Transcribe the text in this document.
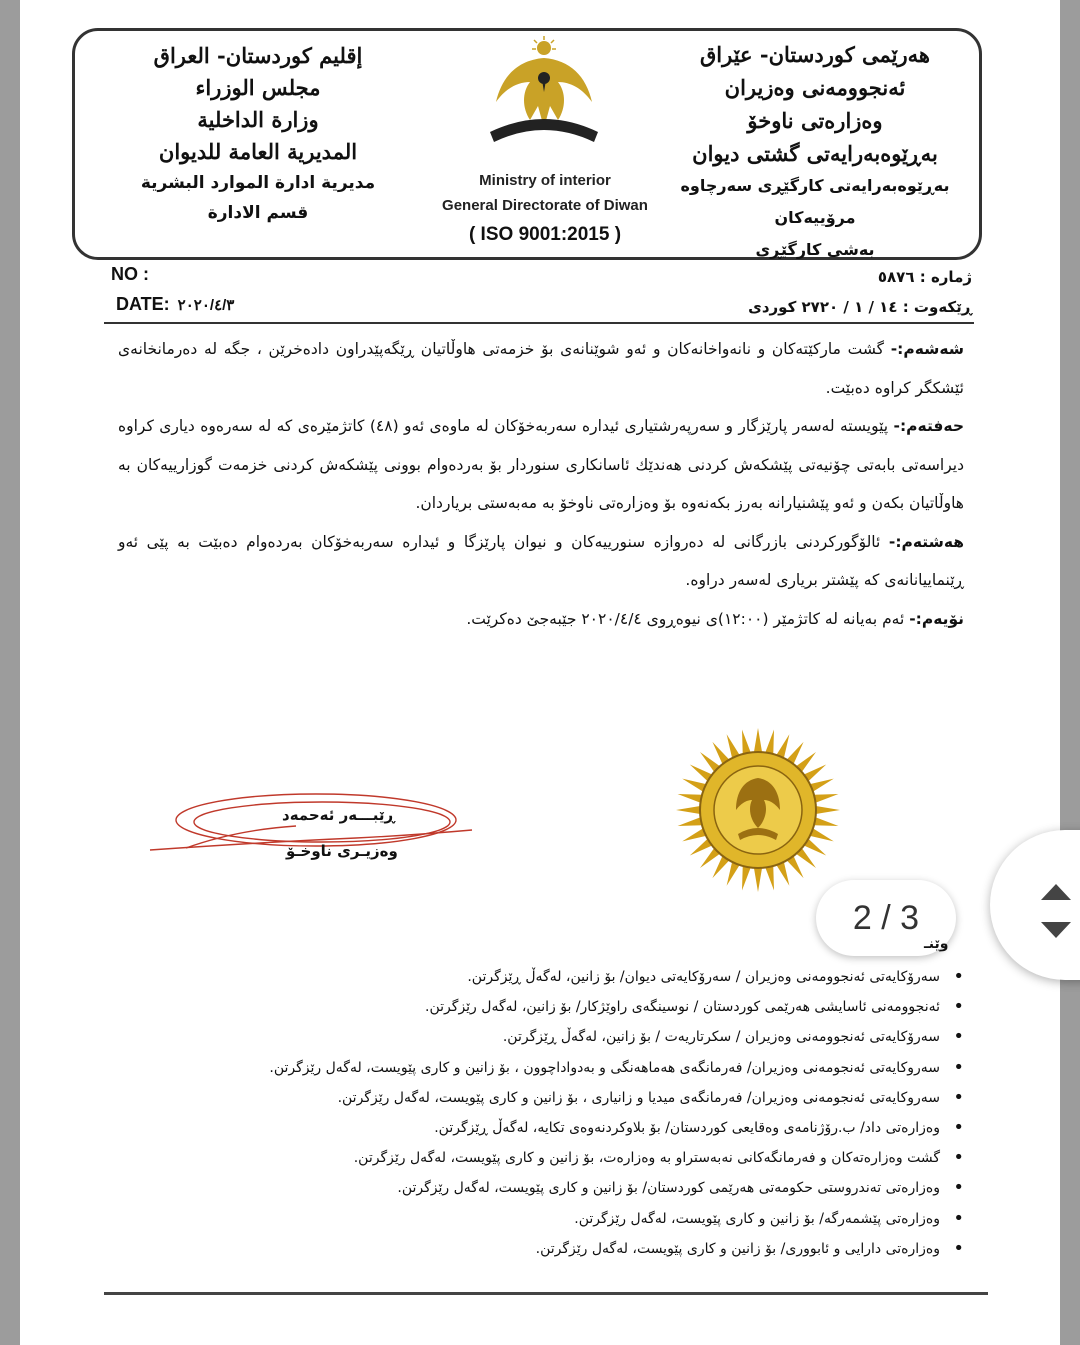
إقليم كوردستان- العراق
مجلس الوزراء
وزارة الداخلية
المديرية العامة للديوان
مديرية ادارة الموارد البشرية
قسم الادارة
هەرێمی کوردستان- عێراق
ئەنجوومەنی وەزیران
وەزارەتی ناوخۆ
بەڕێوەبەرایەتی گشتی دیوان
بەڕێوەبەرایەتی کارگێڕی سەرچاوە مرۆییەکان
بەشی کارگێڕی
Ministry of interior
General Directorate of Diwan
( ISO 9001:2015 )
NO :
DATE: ٢٠٢٠/٤/٣
ژمارە : ٥٨٧٦
ڕێکەوت : ١٤ / ١ / ٢٧٢٠ کوردی

شەشەم:- گشت مارکێتەکان و نانەواخانەکان و ئەو شوێنانەی بۆ خزمەتی هاوڵاتیان ڕێگەپێدراون دادەخرێن ، جگە لە دەرمانخانەی ئێشکگر کراوە دەبێت.

حەفتەم:- پێویستە لەسەر پارێزگار و سەرپەرشتیاری ئیدارە سەربەخۆکان لە ماوەی ئەو (٤٨) کاتژمێرەی کە لە سەرەوە دیاری کراوە دیراسەتی بابەتی چۆنیەتی پێشکەش کردنی هەندێك ئاسانکاری سنوردار بۆ بەردەوام بوونی پێشکەش کردنی خزمەت گوزارییەکان بە هاوڵاتیان بکەن و ئەو پێشنیارانە بەرز بکەنەوە بۆ وەزارەتی ناوخۆ بە مەبەستی بریاردان.

هەشتەم:- ئالۆگورکردنی بازرگانی لە دەروازە سنورییەکان و نیوان پارێزگا و ئیدارە سەربەخۆکان بەردەوام دەبێت بە پێی ئەو ڕێنماییانانەی کە پێشتر بریاری لەسەر دراوە.

نۆیەم:- ئەم بەیانە لە کاتژمێر (١٢:٠٠)ی نیوەڕوی ٢٠٢٠/٤/٤ جێبەجێ دەکرێت.

ڕێبـــەر ئەحمەد
وەزیـری ناوخـۆ
2 / 3
وێنـ
• سەرۆکایەتی ئەنجوومەنی وەزیران / سەرۆکایەتی دیوان/ بۆ زانین، لەگەڵ ڕێزگرتن.
• ئەنجوومەنی ئاسایشی هەرێمی کوردستان / نوسینگەی راوێژکار/ بۆ زانین، لەگەل رێزگرتن.
• سەرۆکایەتی ئەنجوومەنی وەزیران / سکرتاریەت / بۆ زانین، لەگەڵ ڕێزگرتن.
• سەروکایەتی ئەنجومەنی وەزیران/ فەرمانگەی هەماهەنگی و بەدواداچوون ، بۆ زانین و کاری پێویست، لەگەل رێزگرتن.
• سەروکایەتی ئەنجومەنی وەزیران/ فەرمانگەی میدیا و زانیاری ، بۆ زانین و کاری پێویست، لەگەل رێزگرتن.
• وەزارەتی داد/ ب.رۆژنامەی وەقایعی کوردستان/ بۆ بلاوکردنەوەی تکایە، لەگەڵ ڕێزگرتن.
• گشت وەزارەتەکان و فەرمانگەکانی نەبەستراو بە وەزارەت، بۆ زانین و کاری پێویست، لەگەل رێزگرتن.
• وەزارەتی تەندروستی حکومەتی هەرێمی کوردستان/ بۆ زانین و کاری پێویست، لەگەل رێزگرتن.
• وەزارەتی پێشمەرگە/ بۆ زانین و کاری پێویست، لەگەل رێزگرتن.
• وەزارەتی دارایی و ئابووری/ بۆ زانین و کاری پێویست، لەگەل رێزگرتن.
